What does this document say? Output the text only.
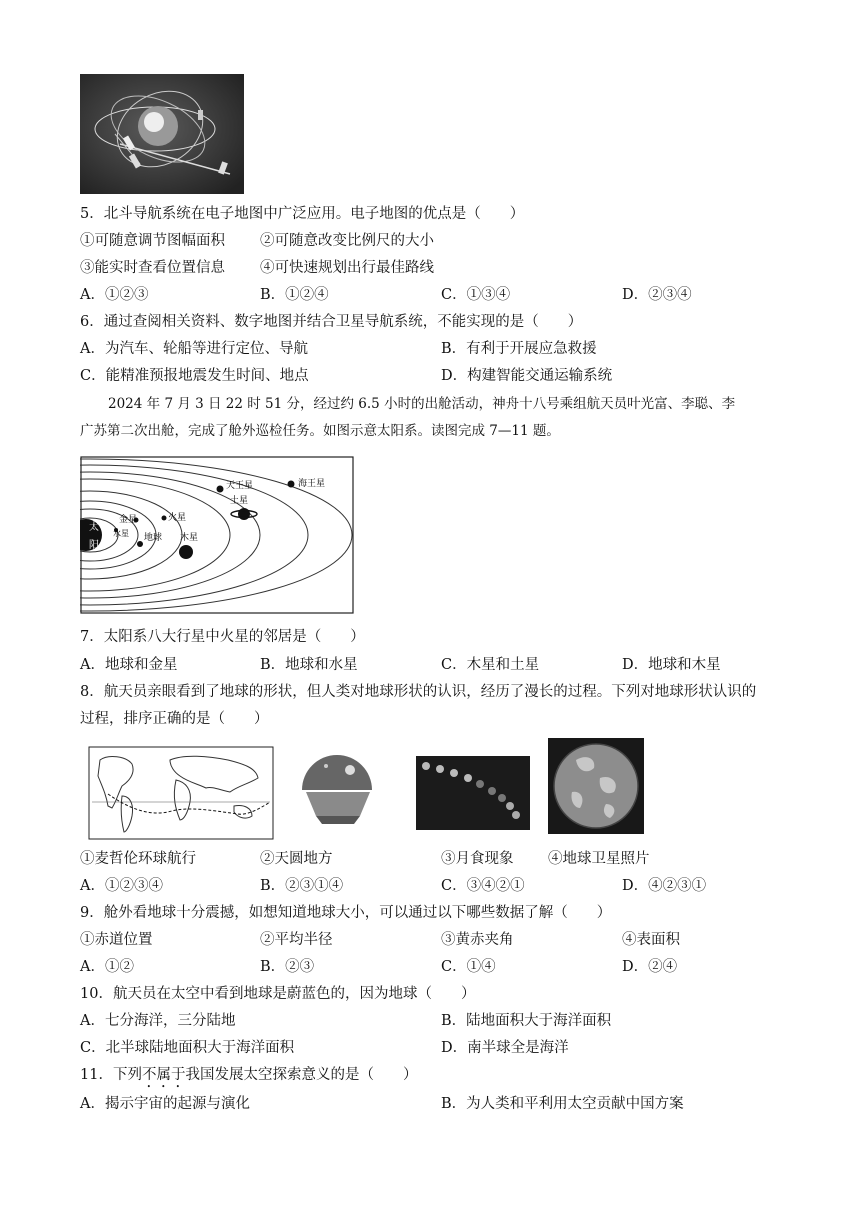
5．北斗导航系统在电子地图中广泛应用。电子地图的优点是（　　）
①可随意调节图幅面积 ②可随意改变比例尺的大小
③能实时查看位置信息 ④可快速规划出行最佳路线
A．①②③	B．①②④	C．①③④	D．②③④
6．通过查阅相关资料、数字地图并结合卫星导航系统，不能实现的是（　　）
A．为汽车、轮船等进行定位、导航	B．有利于开展应急救援
C．能精准预报地震发生时间、地点	D．构建智能交通运输系统
2024 年 7 月 3 日 22 时 51 分，经过约 6.5 小时的出舱活动，神舟十八号乘组航天员叶光富、李聪、李
广苏第二次出舱，完成了舱外巡检任务。如图示意太阳系。读图完成 7—11 题。
太
阳
水星
金星
地球
火星
木星
土星
天王星	海王星
7．太阳系八大行星中火星的邻居是（　　）
A．地球和金星	B．地球和水星	C．木星和土星	D．地球和木星
8．航天员亲眼看到了地球的形状，但人类对地球形状的认识，经历了漫长的过程。下列对地球形状认识的
过程，排序正确的是（　　）
①麦哲伦环球航行	②天圆地方	③月食现象 ④地球卫星照片
A．①②③④	B．②③①④	C．③④②①	D．④②③①
9．舱外看地球十分震撼，如想知道地球大小，可以通过以下哪些数据了解（　　）
①赤道位置	②平均半径	③黄赤夹角	④表面积
A．①②	B．②③	C．①④	D．②④
10．航天员在太空中看到地球是蔚蓝色的，因为地球（　　）
A．七分海洋，三分陆地	B．陆地面积大于海洋面积
C．北半球陆地面积大于海洋面积	D．南半球全是海洋
11．下列不属于我国发展太空探索意义的是（　　）
A．揭示宇宙的起源与演化	B．为人类和平利用太空贡献中国方案
